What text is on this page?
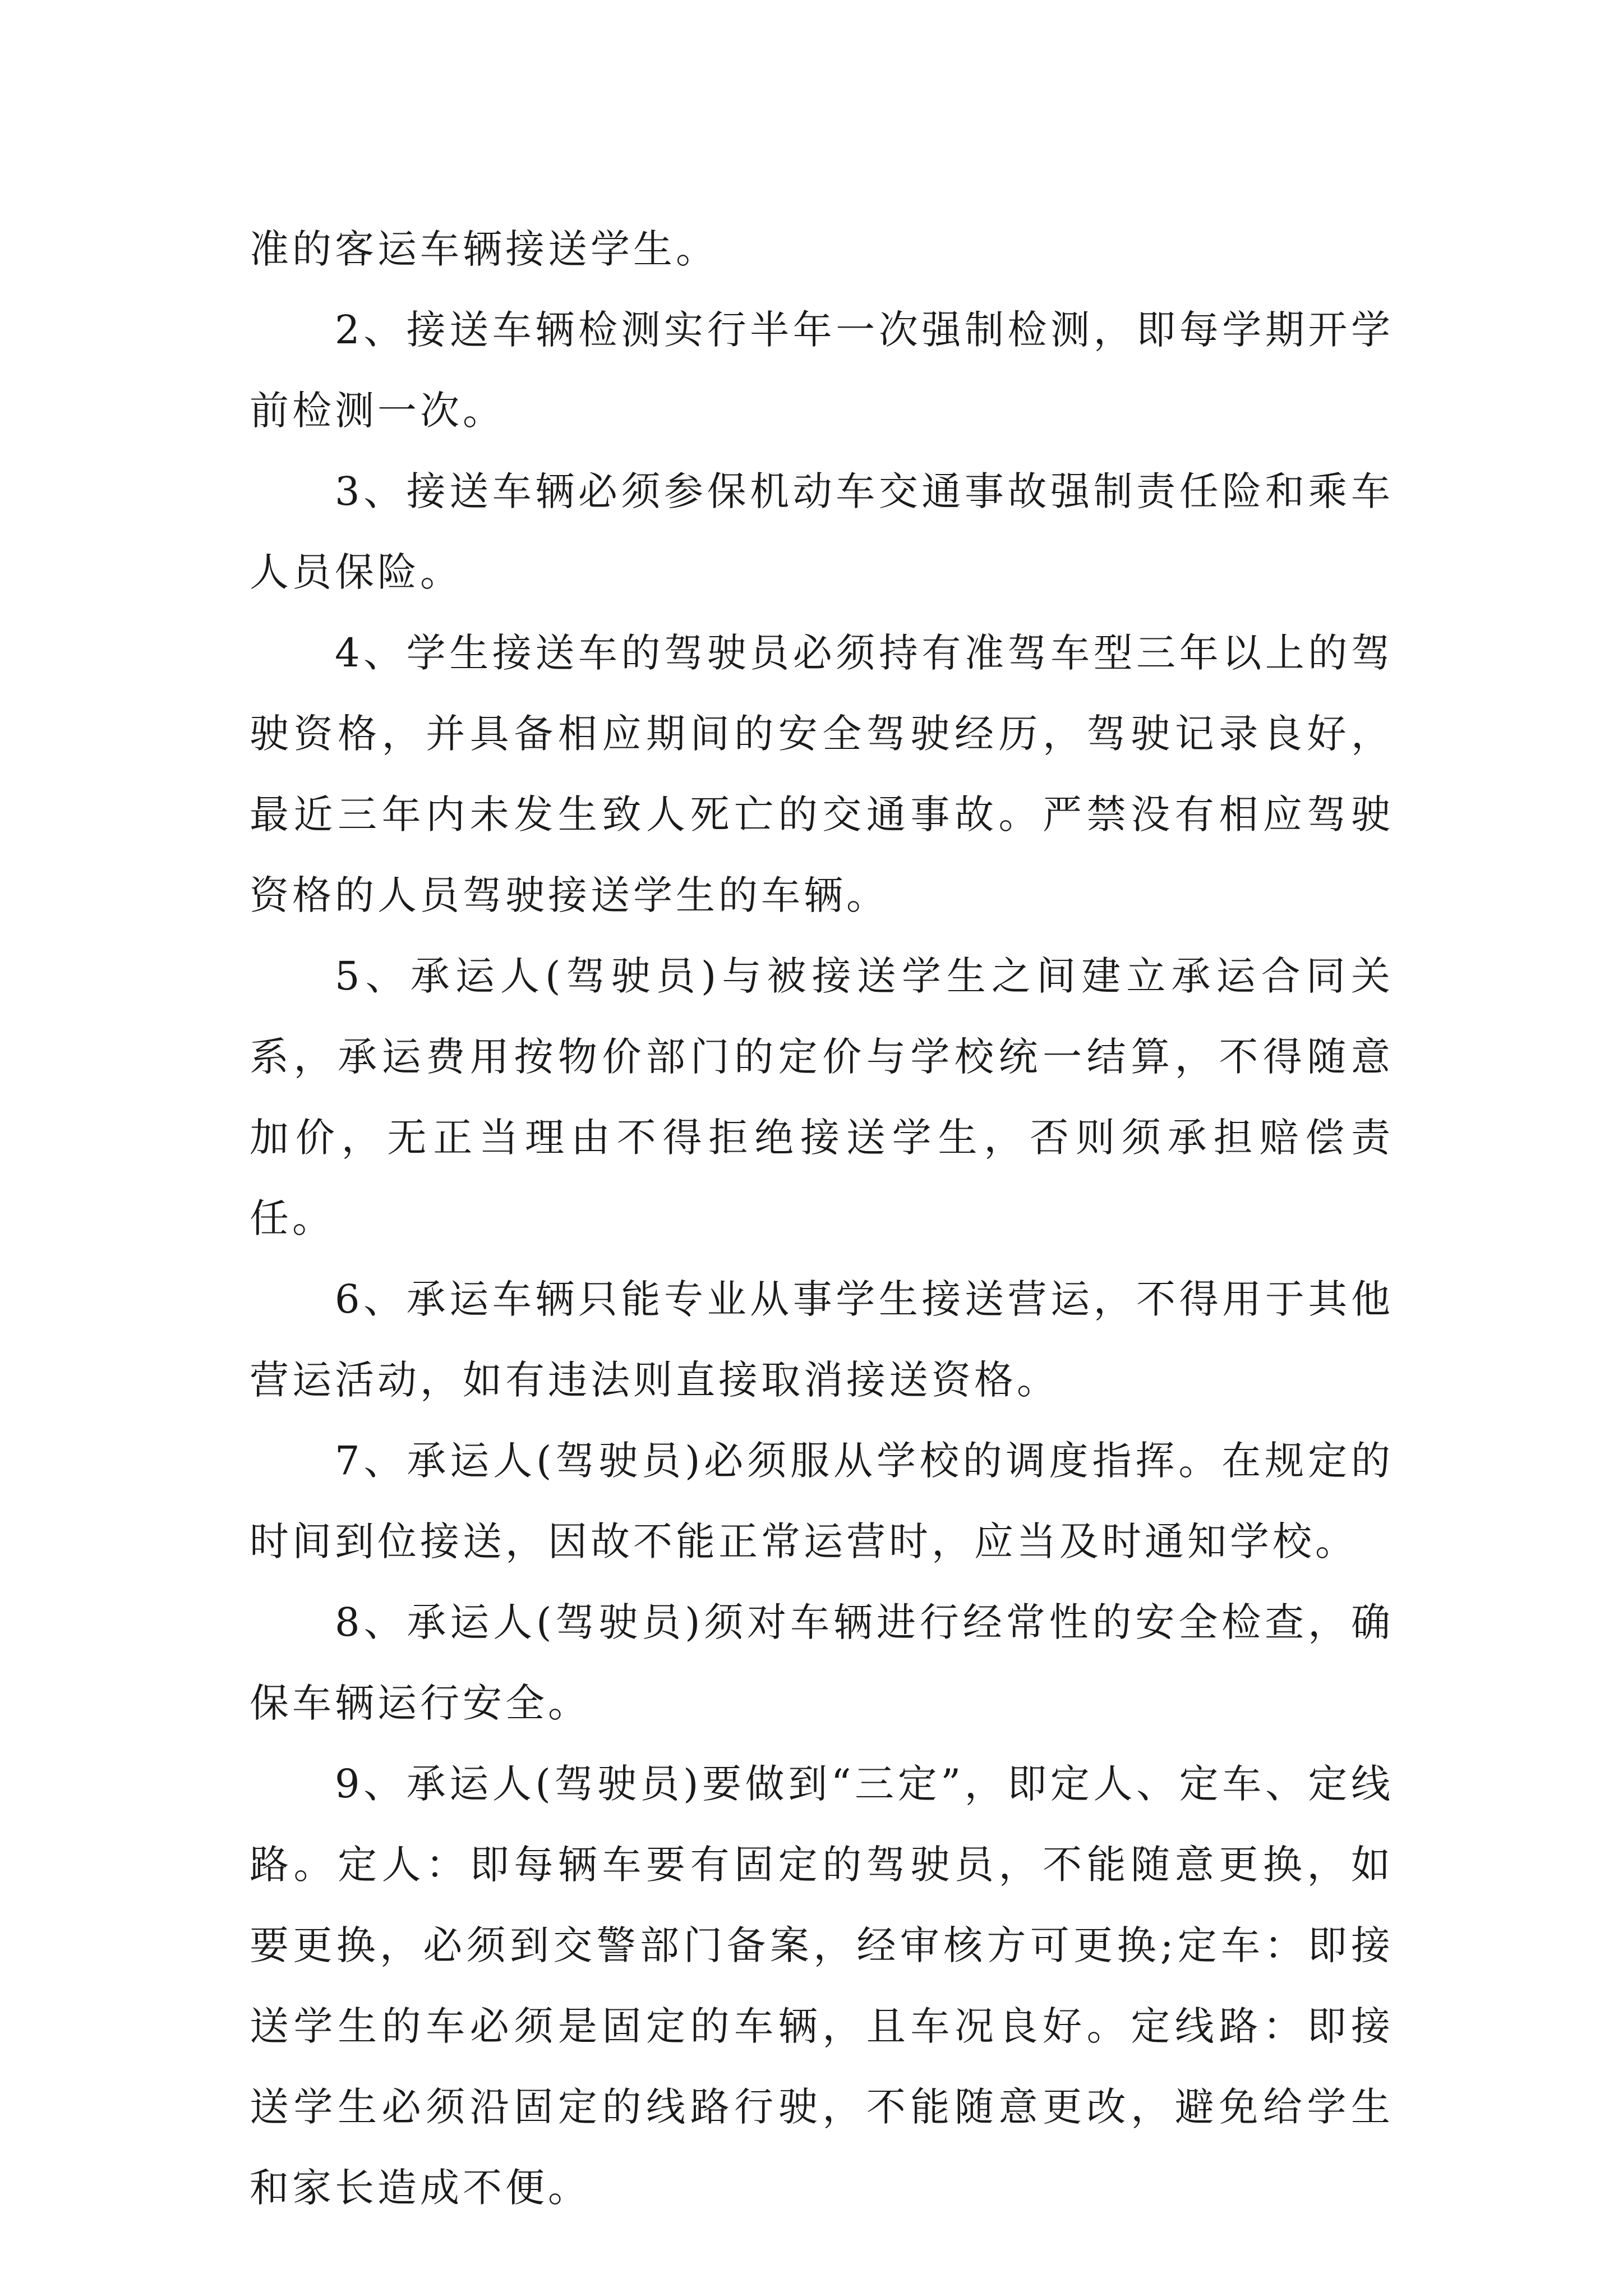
准的客运车辆接送学生。

2、接送车辆检测实行半年一次强制检测，即每学期开学前检测一次。

3、接送车辆必须参保机动车交通事故强制责任险和乘车人员保险。

4、学生接送车的驾驶员必须持有准驾车型三年以上的驾驶资格，并具备相应期间的安全驾驶经历，驾驶记录良好，最近三年内未发生致人死亡的交通事故。严禁没有相应驾驶资格的人员驾驶接送学生的车辆。

5、承运人(驾驶员)与被接送学生之间建立承运合同关系，承运费用按物价部门的定价与学校统一结算，不得随意加价，无正当理由不得拒绝接送学生，否则须承担赔偿责任。

6、承运车辆只能专业从事学生接送营运，不得用于其他营运活动，如有违法则直接取消接送资格。

7、承运人(驾驶员)必须服从学校的调度指挥。在规定的时间到位接送，因故不能正常运营时，应当及时通知学校。

8、承运人(驾驶员)须对车辆进行经常性的安全检查，确保车辆运行安全。

9、承运人(驾驶员)要做到“三定”，即定人、定车、定线路。定人：即每辆车要有固定的驾驶员，不能随意更换，如要更换，必须到交警部门备案，经审核方可更换;定车：即接送学生的车必须是固定的车辆，且车况良好。定线路：即接送学生必须沿固定的线路行驶，不能随意更改，避免给学生和家长造成不便。
